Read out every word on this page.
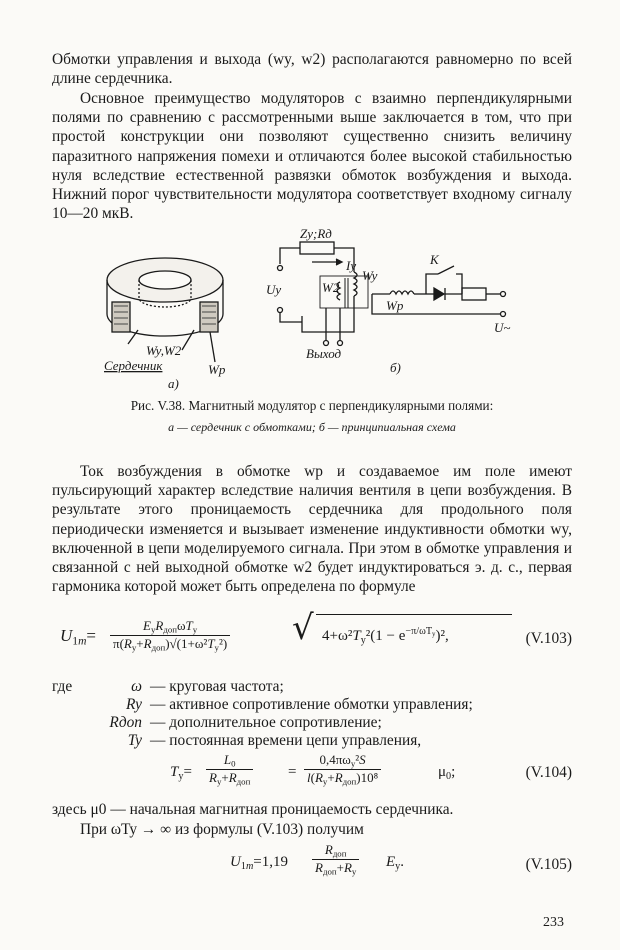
Обмотки управления и выхода (wy, w2) располагаются равномерно по всей длине сердечника.
Основное преимущество модуляторов с взаимно перпендикулярными полями по сравнению с рассмотренными выше заключается в том, что при простой конструкции они позволяют существенно снизить величину паразитного напряжения помехи и отличаются более высокой стабильностью нуля вследствие естественной развязки обмоток возбуждения и выхода. Нижний порог чувствительности модулятора соответствует входному сигналу 10—20 мкВ.
Wy,W2
Сердечник	Wр
а)
Zy;Rд
Iy
Wy
W2
Uy
K
Wp
U~
Выход
б)
Рис. V.38. Магнитный модулятор с перпендикулярными полями:
а — сердечник с обмотками; б — принципиальная схема
Ток возбуждения в обмотке wр и создаваемое им поле имеют пульсирующий характер вследствие наличия вентиля в цепи возбуждения. В результате этого проницаемость сердечника для продольного поля периодически изменяется и вызывает изменение индуктивности обмотки wy, включенной в цепи моделируемого сигнала. При этом в обмотке управления и связанной с ней выходной обмотке w2 будет индуктироваться э. д. с., первая гармоника которой может быть определена по формуле
$U_{1m}=$
$E_yR_{доп}\omega T_y$
$\pi(R_y+R_{доп})√(1+\omega^2T_y^2)$ √ $4+\omega^2T_y^2(1 - e^{-\pi/\omega T_y})^2$,	(V.103)
где	ω — круговая частота;
Ry — активное сопротивление обмотки управления;
Rдоп — дополнительное сопротивление;
Ty — постоянная времени цепи управления,
$T_y=$
$L_0$
$R_y+R_{доп}$
=
$0,4\pi\omega_y^2S$
$l(R_y+R_{доп})10^8$	$\mu_0$;	(V.104)
здесь μ0 — начальная магнитная проницаемость сердечника.
При ωTy → ∞ из формулы (V.103) получим
$U_{1m}=1,19$
$R_{доп}$
$R_{доп}+R_y$
$E_y$.	(V.105)
233
